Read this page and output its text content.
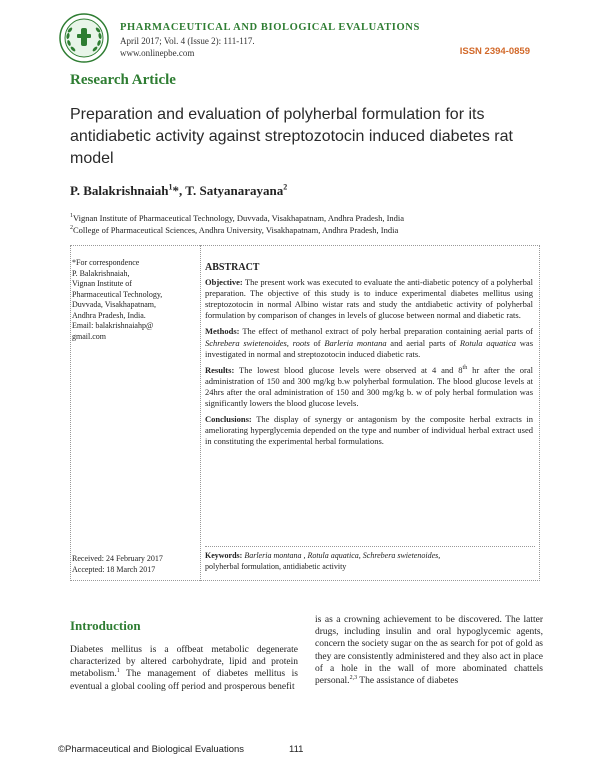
PHARMACEUTICAL AND BIOLOGICAL EVALUATIONS
April 2017; Vol. 4 (Issue 2): 111-117.
www.onlinepbe.com	ISSN 2394-0859
Research Article
Preparation and evaluation of polyherbal formulation for its antidiabetic activity against streptozotocin induced diabetes rat model
P. Balakrishnaiah$^1$*, T. Satyanarayana$^2$
$^1$Vignan Institute of Pharmaceutical Technology, Duvvada, Visakhapatnam, Andhra Pradesh, India
$^2$College of Pharmaceutical Sciences, Andhra University, Visakhapatnam, Andhra Pradesh, India
*For correspondence
P. Balakrishnaiah,
Vignan Institute of
Pharmaceutical Technology,
Duvvada, Visakhapatnam,
Andhra Pradesh, India.
Email: balakrishnaiahp@
gmail.com
Received: 24 February 2017
Accepted: 18 March 2017
ABSTRACT

Objective: The present work was executed to evaluate the anti-diabetic potency of a polyherbal preparation. The objective of this study is to induce experimental diabetes mellitus using streptozotocin in normal Albino wistar rats and study the antdiabetic activity of polyherbal formulation by comparison of changes in levels of glucose between normal and diabetic rats.

Methods: The effect of methanol extract of poly herbal preparation containing aerial parts of Schrebera swietenoides, roots of Barleria montana and aerial parts of Rotula aquatica was investigated in normal and streptozotocin induced diabetic rats.

Results: The lowest blood glucose levels were observed at 4 and 8th hr after the oral administration of 150 and 300 mg/kg b.w polyherbal formulation. The blood glucose levels at 24hrs after the oral administration of 150 and 300 mg/kg b. w of poly herbal formulation was significantly lowers the blood glucose levels.

Conclusions: The display of synergy or antagonism by the composite herbal extracts in ameliorating hyperglycemia depended on the type and number of individual herbal extract used in constituting the experimental herbal formulations.

Keywords: Barleria montana , Rotula aquatica, Schrebera swietenoides,
polyherbal formulation, antidiabetic activity
Introduction

Diabetes mellitus is a offbeat metabolic degenerate characterized by altered carbohydrate, lipid and protein metabolism.$^1$ The management of diabetes mellitus is eventual a global cooling off period and prosperous benefit

is as a crowning achievement to be discovered. The latter drugs, including insulin and oral hypoglycemic agents, concern the society sugar on the as search for pot of gold as they are consistently administered and they also act in place of a hole in the wall of more abominated chattels personal.$^{2,3}$ The assistance of diabetes

©Pharmaceutical and Biological Evaluations	111
